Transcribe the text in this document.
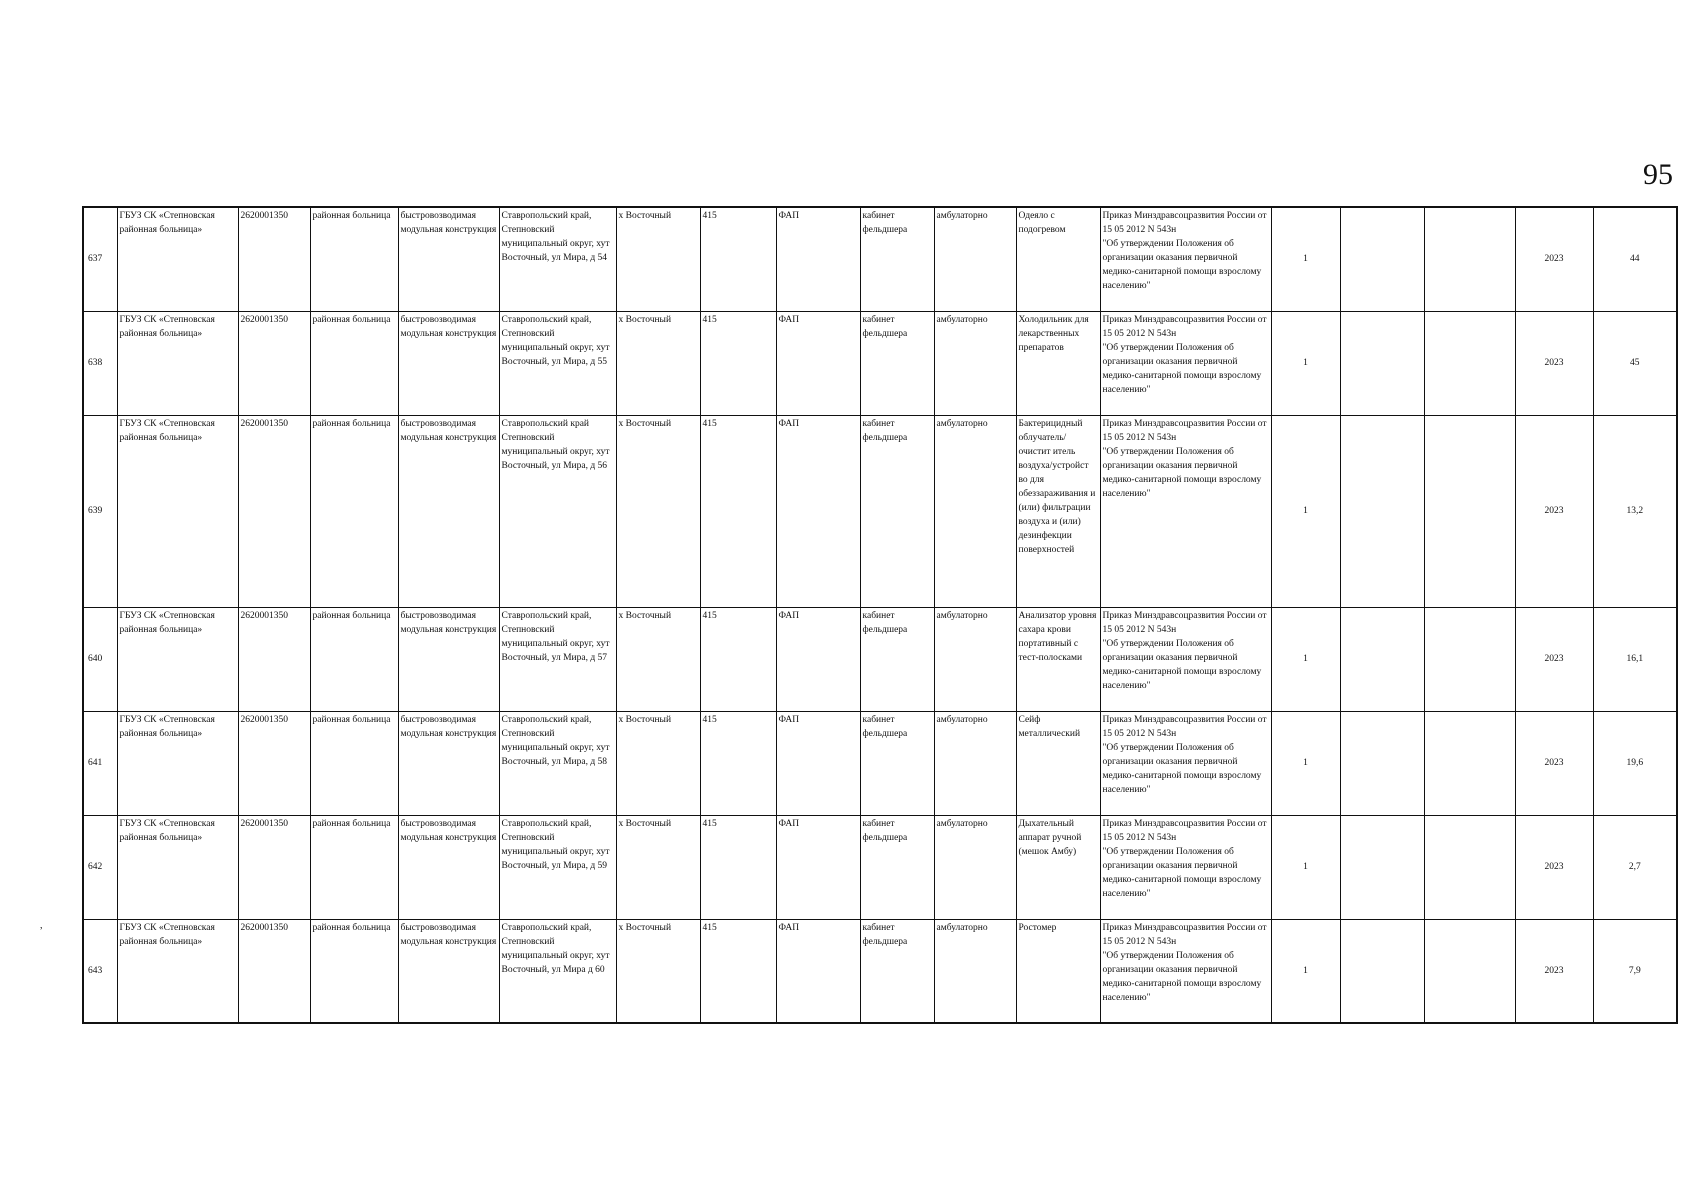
95
,
637	ГБУЗ СК «Степновская районная больница»	2620001350	районная больница	быстровозводимая модульная конструкция	Ставропольский край, Степновский муниципальный округ, хут Восточный, ул Мира, д 54	х Восточный	415	ФАП	кабинет фельдшера	амбулаторно	Одеяло с подогревом	Приказ Минздравсоцразвития России от 15 05 2012 N 543н
"Об утверждении Положения об организации оказания первичной медико-санитарной помощи взрослому населению"	1			2023	44
638	ГБУЗ СК «Степновская районная больница»	2620001350	районная больница	быстровозводимая модульная конструкция	Ставропольский край, Степновский муниципальный округ, хут Восточный, ул Мира, д 55	х Восточный	415	ФАП	кабинет фельдшера	амбулаторно	Холодильник для лекарственных препаратов	Приказ Минздравсоцразвития России от 15 05 2012 N 543н
"Об утверждении Положения об организации оказания первичной медико-санитарной помощи взрослому населению"	1			2023	45
639	ГБУЗ СК «Степновская районная больница»	2620001350	районная больница	быстровозводимая модульная конструкция	Ставропольский край Степновский муниципальный округ, хут Восточный, ул Мира, д 56	х Восточный	415	ФАП	кабинет фельдшера	амбулаторно	Бактерицидный облучатель/очистит итель воздуха/устройст во для обеззараживания и (или) фильтрации воздуха и (или) дезинфекции поверхностей	Приказ Минздравсоцразвития России от 15 05 2012 N 543н
"Об утверждении Положения об организации оказания первичной медико-санитарной помощи взрослому населению"	1			2023	13,2
640	ГБУЗ СК «Степновская районная больница»	2620001350	районная больница	быстровозводимая модульная конструкция	Ставропольский край, Степновский муниципальный округ, хут Восточный, ул Мира, д 57	х Восточный	415	ФАП	кабинет фельдшера	амбулаторно	Анализатор уровня сахара крови портативный с тест-полосками	Приказ Минздравсоцразвития России от 15 05 2012 N 543н
"Об утверждении Положения об организации оказания первичной медико-санитарной помощи взрослому населению"	1			2023	16,1
641	ГБУЗ СК «Степновская районная больница»	2620001350	районная больница	быстровозводимая модульная конструкция	Ставропольский край, Степновский муниципальный округ, хут Восточный, ул Мира, д 58	х Восточный	415	ФАП	кабинет фельдшера	амбулаторно	Сейф металлический	Приказ Минздравсоцразвития России от 15 05 2012 N 543н
"Об утверждении Положения об организации оказания первичной медико-санитарной помощи взрослому населению"	1			2023	19,6
642	ГБУЗ СК «Степновская районная больница»	2620001350	районная больница	быстровозводимая модульная конструкция	Ставропольский край, Степновский муниципальный округ, хут Восточный, ул Мира, д 59	х Восточный	415	ФАП	кабинет фельдшера	амбулаторно	Дыхательный аппарат ручной (мешок Амбу)	Приказ Минздравсоцразвития России от 15 05 2012 N 543н
"Об утверждении Положения об организации оказания первичной медико-санитарной помощи взрослому населению"	1			2023	2,7
643	ГБУЗ СК «Степновская районная больница»	2620001350	районная больница	быстровозводимая модульная конструкция	Ставропольский край, Степновский муниципальный округ, хут Восточный, ул Мира д 60	х Восточный	415	ФАП	кабинет фельдшера	амбулаторно	Ростомер	Приказ Минздравсоцразвития России от 15 05 2012 N 543н
"Об утверждении Положения об организации оказания первичной медико-санитарной помощи взрослому населению"	1			2023	7,9
